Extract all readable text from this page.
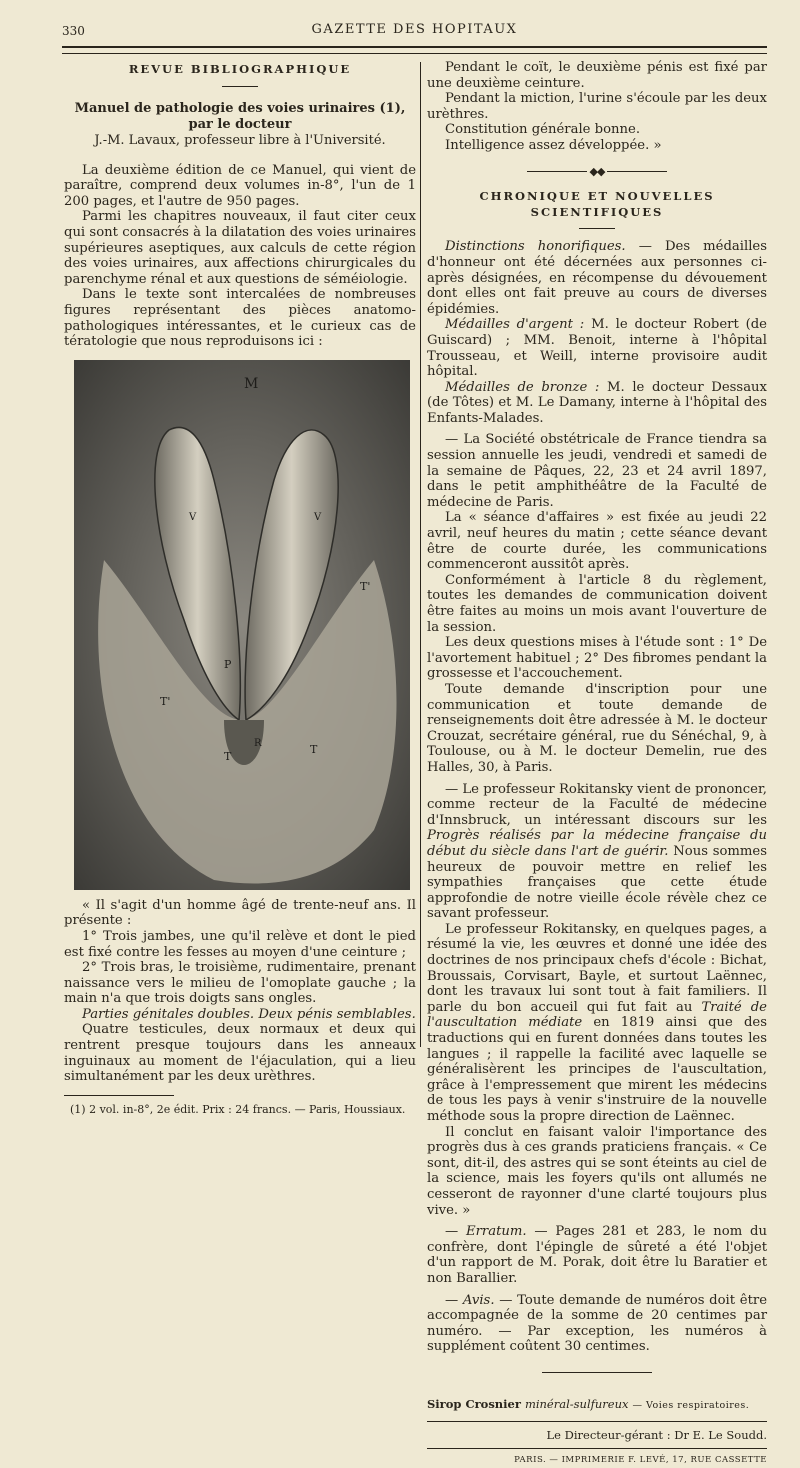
330	GAZETTE DES HOPITAUX
REVUE BIBLIOGRAPHIQUE
Manuel de pathologie des voies urinaires (1), par le docteur
J.-M. Lavaux, professeur libre à l'Université.

La deuxième édition de ce Manuel, qui vient de paraître, comprend deux volumes in-8°, l'un de 1 200 pages, et l'autre de 950 pages.

Parmi les chapitres nouveaux, il faut citer ceux qui sont consacrés à la dilatation des voies urinaires supérieures aseptiques, aux calculs de cette région des voies urinaires, aux affections chirurgicales du parenchyme rénal et aux questions de séméiologie.

Dans le texte sont intercalées de nombreuses figures représentant des pièces anatomo-pathologiques intéressantes, et le curieux cas de tératologie que nous reproduisons ici :

M
V	V
T'
T'
T
T
P
R

« Il s'agit d'un homme âgé de trente-neuf ans. Il présente :

1° Trois jambes, une qu'il relève et dont le pied est fixé contre les fesses au moyen d'une ceinture ;

2° Trois bras, le troisième, rudimentaire, prenant naissance vers le milieu de l'omoplate gauche ; la main n'a que trois doigts sans ongles.

Parties génitales doubles. Deux pénis semblables.

Quatre testicules, deux normaux et deux qui rentrent presque toujours dans les anneaux inguinaux au moment de l'éjaculation, qui a lieu simultanément par les deux urèthres.

(1) 2 vol. in-8°, 2e édit. Prix : 24 francs. — Paris, Houssiaux.

Pendant le coït, le deuxième pénis est fixé par une deuxième ceinture.

Pendant la miction, l'urine s'écoule par les deux urèthres.

Constitution générale bonne.

Intelligence assez développée. »

◆◆
CHRONIQUE ET NOUVELLES SCIENTIFIQUES

Distinctions honorifiques. — Des médailles d'honneur ont été décernées aux personnes ci-après désignées, en récompense du dévouement dont elles ont fait preuve au cours de diverses épidémies.

Médailles d'argent : M. le docteur Robert (de Guiscard) ; MM. Benoit, interne à l'hôpital Trousseau, et Weill, interne provisoire audit hôpital.

Médailles de bronze : M. le docteur Dessaux (de Tôtes) et M. Le Damany, interne à l'hôpital des Enfants-Malades.

— La Société obstétricale de France tiendra sa session annuelle les jeudi, vendredi et samedi de la semaine de Pâques, 22, 23 et 24 avril 1897, dans le petit amphithéâtre de la Faculté de médecine de Paris.

La « séance d'affaires » est fixée au jeudi 22 avril, neuf heures du matin ; cette séance devant être de courte durée, les communications commenceront aussitôt après.

Conformément à l'article 8 du règlement, toutes les demandes de communication doivent être faites au moins un mois avant l'ouverture de la session.

Les deux questions mises à l'étude sont : 1° De l'avortement habituel ; 2° Des fibromes pendant la grossesse et l'accouchement.

Toute demande d'inscription pour une communication et toute demande de renseignements doit être adressée à M. le docteur Crouzat, secrétaire général, rue du Sénéchal, 9, à Toulouse, ou à M. le docteur Demelin, rue des Halles, 30, à Paris.

— Le professeur Rokitansky vient de prononcer, comme recteur de la Faculté de médecine d'Innsbruck, un intéressant discours sur les Progrès réalisés par la médecine française du début du siècle dans l'art de guérir. Nous sommes heureux de pouvoir mettre en relief les sympathies françaises que cette étude approfondie de notre vieille école révèle chez ce savant professeur.

Le professeur Rokitansky, en quelques pages, a résumé la vie, les œuvres et donné une idée des doctrines de nos principaux chefs d'école : Bichat, Broussais, Corvisart, Bayle, et surtout Laënnec, dont les travaux lui sont tout à fait familiers. Il parle du bon accueil qui fut fait au Traité de l'auscultation médiate en 1819 ainsi que des traductions qui en furent données dans toutes les langues ; il rappelle la facilité avec laquelle se généralisèrent les principes de l'auscultation, grâce à l'empressement que mirent les médecins de tous les pays à venir s'instruire de la nouvelle méthode sous la propre direction de Laënnec.

Il conclut en faisant valoir l'importance des progrès dus à ces grands praticiens français. « Ce sont, dit-il, des astres qui se sont éteints au ciel de la science, mais les foyers qu'ils ont allumés ne cesseront de rayonner d'une clarté toujours plus vive. »

— Erratum. — Pages 281 et 283, le nom du confrère, dont l'épingle de sûreté a été l'objet d'un rapport de M. Porak, doit être lu Baratier et non Barallier.

— Avis. — Toute demande de numéros doit être accompagnée de la somme de 20 centimes par numéro. — Par exception, les numéros à supplément coûtent 30 centimes.

Sirop Crosnier minéral-sulfureux — Voies respiratoires.

Le Directeur-gérant : Dr E. Le Soudd.

PARIS. — IMPRIMERIE F. LEVÉ, 17, RUE CASSETTE
